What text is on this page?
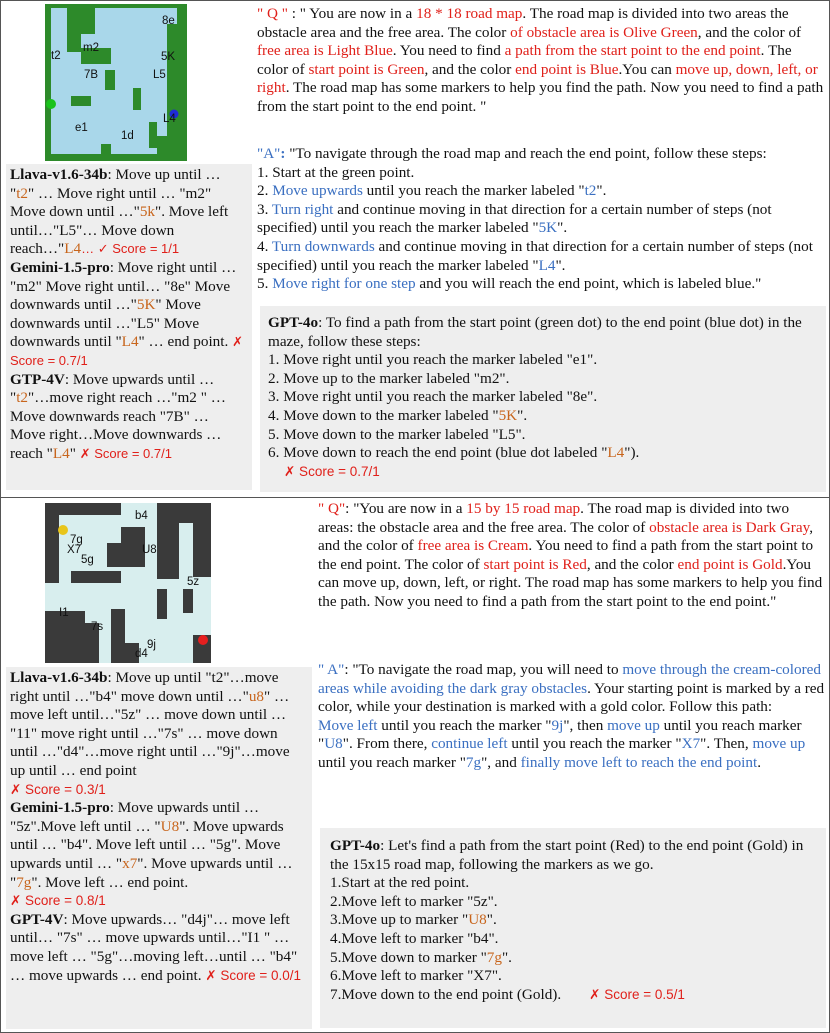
8e
m2
t2	5K
7B	L5
L4
e1
1d
" Q " : " You are now in a 18 * 18 road map. The road map is divided into two areas the obstacle area and the free area. The color of obstacle area is Olive Green, and the color of free area is Light Blue. You need to find a path from the start point to the end point. The color of start point is Green, and the color end point is Blue.You can move up, down, left, or right. The road map has some markers to help you find the path. Now you need to find a path from the start point to the end point. "
"A": "To navigate through the road map and reach the end point, follow these steps:
1. Start at the green point.
2. Move upwards until you reach the marker labeled "t2".
3. Turn right and continue moving in that direction for a certain number of steps (not specified) until you reach the marker labeled "5K".
4. Turn downwards and continue moving in that direction for a certain number of steps (not specified) until you reach the marker labeled "L4".
5. Move right for one step and you will reach the end point, which is labeled blue."
Llava-v1.6-34b: Move up until … "t2" … Move right until … "m2" Move down until …"5k". Move left until…"L5"… Move down reach…"L4… ✓ Score = 1/1
Gemini-1.5-pro: Move right until … "m2" Move right until… "8e" Move downwards until …"5K" Move downwards until …"L5" Move downwards until "L4" … end point. ✗ Score = 0.7/1
GTP-4V: Move upwards until … "t2"…move right reach …"m2 " … Move downwards reach "7B" … Move right…Move downwards … reach "L4" ✗ Score = 0.7/1
GPT-4o: To find a path from the start point (green dot) to the end point (blue dot) in the maze, follow these steps:
1. Move right until you reach the marker labeled "e1".
2. Move up to the marker labeled "m2".
3. Move right until you reach the marker labeled "8e".
4. Move down to the marker labeled "5K".
5. Move down to the marker labeled "L5".
6. Move down to reach the end point (blue dot labeled "L4").
✗ Score = 0.7/1
b4
7g
X7
5g
U8
5z
I1
7s
9j
d4
" Q": "You are now in a 15 by 15 road map. The road map is divided into two areas: the obstacle area and the free area. The color of obstacle area is Dark Gray, and the color of free area is Cream. You need to find a path from the start point to the end point. The color of start point is Red, and the color end point is Gold.You can move up, down, left, or right. The road map has some markers to help you find the path. Now you need to find a path from the start point to the end point."
" A": "To navigate the road map, you will need to move through the cream-colored areas while avoiding the dark gray obstacles. Your starting point is marked by a red color, while your destination is marked with a gold color. Follow this path:
Move left until you reach the marker "9j", then move up until you reach marker "U8". From there, continue left until you reach the marker "X7". Then, move up until you reach marker "7g", and finally move left to reach the end point.
Llava-v1.6-34b: Move up until "t2"…move right until …"b4" move down until …"u8" … move left until…"5z" … move down until … "11" move right until …"7s" … move down until …"d4"…move right until …"9j"…move up until … end point
✗ Score = 0.3/1
Gemini-1.5-pro: Move upwards until … "5z".Move left until … "U8". Move upwards until … "b4". Move left until … "5g". Move upwards until … "x7". Move upwards until … "7g". Move left … end point.
✗ Score = 0.8/1
GPT-4V: Move upwards… "d4j"… move left until… "7s" … move upwards until…"I1 " … move left … "5g"…moving left…until … "b4" … move upwards … end point. ✗ Score = 0.0/1
GPT-4o: Let's find a path from the start point (Red) to the end point (Gold) in the 15x15 road map, following the markers as we go.
1.Start at the red point.
2.Move left to marker "5z".
3.Move up to marker "U8".
4.Move left to marker "b4".
5.Move down to marker "7g".
6.Move left to marker "X7".
7.Move down to the end point (Gold). ✗ Score = 0.5/1
